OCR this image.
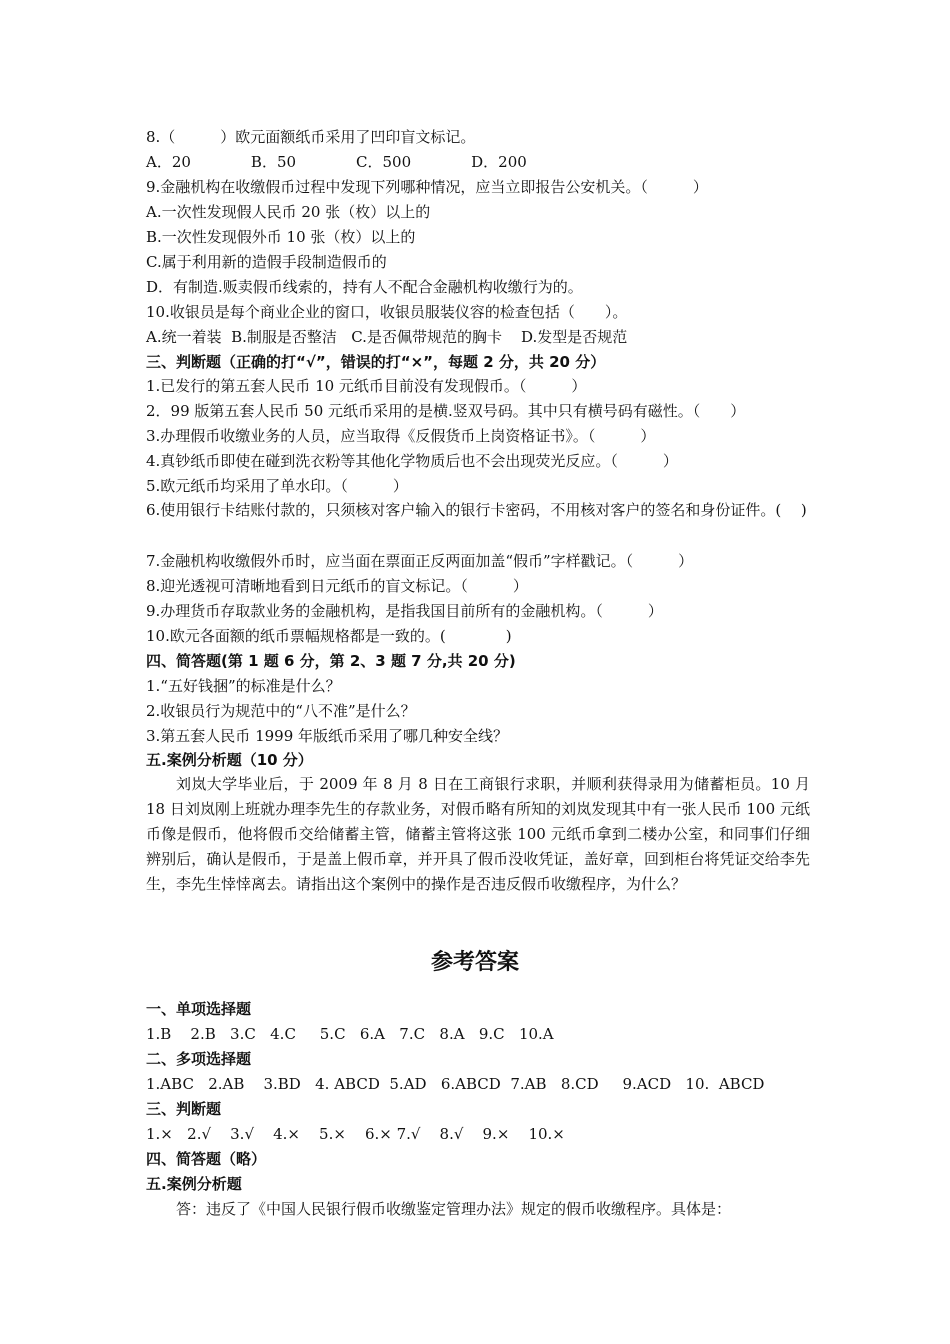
8.（　　　）欧元面额纸币采用了凹印盲文标记。
A．20　　　　B．50　　　　C．500　　　　D．200
9.金融机构在收缴假币过程中发现下列哪种情况，应当立即报告公安机关。（　　　）
A.一次性发现假人民币 20 张（枚）以上的
B.一次性发现假外币 10 张（枚）以上的
C.属于利用新的造假手段制造假币的
D．有制造.贩卖假币线索的，持有人不配合金融机构收缴行为的。
10.收银员是每个商业企业的窗口，收银员服装仪容的检查包括（　　）。
A.统一着装  B.制服是否整洁   C.是否佩带规范的胸卡    D.发型是否规范
三、判断题（正确的打“√”，错误的打“×”，每题 2 分，共 20 分）
1.已发行的第五套人民币 10 元纸币目前没有发现假币。（　　　）
2．99 版第五套人民币 50 元纸币采用的是横.竖双号码。其中只有横号码有磁性。（　　）
3.办理假币收缴业务的人员，应当取得《反假货币上岗资格证书》。（　　　）
4.真钞纸币即使在碰到洗衣粉等其他化学物质后也不会出现荧光反应。（　　　）
5.欧元纸币均采用了单水印。（　　　）
6.使用银行卡结账付款的，只须核对客户输入的银行卡密码，不用核对客户的签名和身份证件。(　 )
7.金融机构收缴假外币时，应当面在票面正反两面加盖“假币”字样戳记。（　　　）
8.迎光透视可清晰地看到日元纸币的盲文标记。（　　　）
9.办理货币存取款业务的金融机构，是指我国目前所有的金融机构。（　　　）
10.欧元各面额的纸币票幅规格都是一致的。(　　　　)
四、简答题(第 1 题 6 分，第 2、3 题 7 分,共 20 分)
1.“五好钱捆”的标准是什么？
2.收银员行为规范中的“八不准”是什么？
3.第五套人民币 1999 年版纸币采用了哪几种安全线？
五.案例分析题（10 分）
刘岚大学毕业后，于 2009 年 8 月 8 日在工商银行求职，并顺利获得录用为储蓄柜员。10 月 18 日刘岚刚上班就办理李先生的存款业务，对假币略有所知的刘岚发现其中有一张人民币 100 元纸币像是假币，他将假币交给储蓄主管，储蓄主管将这张 100 元纸币拿到二楼办公室，和同事们仔细辨别后，确认是假币，于是盖上假币章，并开具了假币没收凭证，盖好章，回到柜台将凭证交给李先生，李先生悻悻离去。请指出这个案例中的操作是否违反假币收缴程序，为什么？
参考答案
一、单项选择题
1.B    2.B   3.C   4.C     5.C   6.A   7.C   8.A   9.C   10.A
二、多项选择题
1.ABC   2.AB    3.BD   4. ABCD  5.AD   6.ABCD  7.AB   8.CD     9.ACD   10.  ABCD
三、判断题
1.×   2.√    3.√    4.×    5.×    6.× 7.√    8.√    9.×    10.×
四、简答题（略）
五.案例分析题
答：违反了《中国人民银行假币收缴鉴定管理办法》规定的假币收缴程序。具体是：
